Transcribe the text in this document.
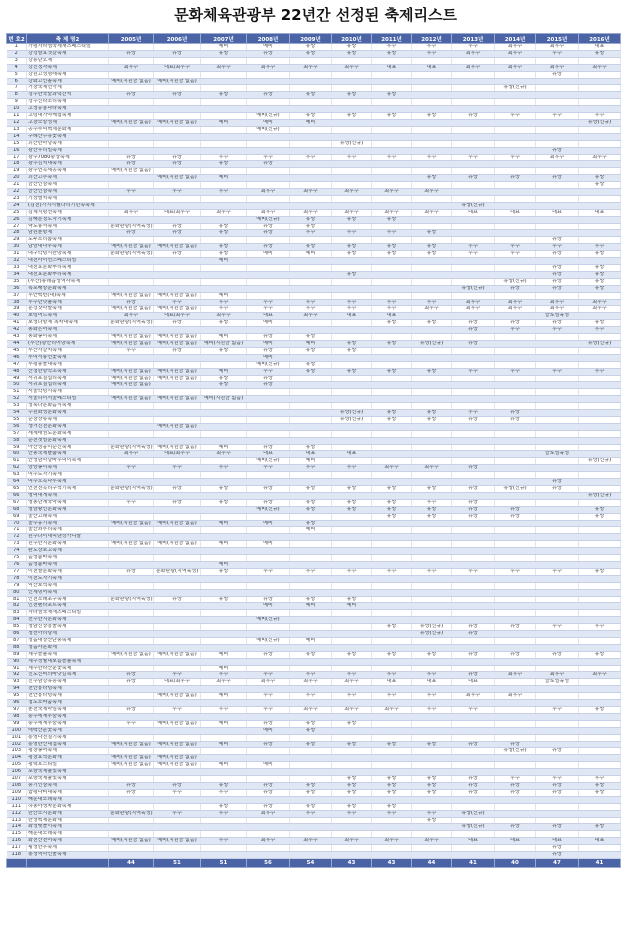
문화체육관광부 22년간 선정된 축제리스트
번 호2	축 제 명2	2005년	2006년	2007년	2008년	2009년	2010년	2011년	2012년	2013년	2014년	2015년	2016년
1	가평자라섬국제재즈페스티벌			예비	예비	유망	유망	우수	우수	우수	최우수	최우수	대표
2	강경발효젓갈축제	유망	유망	유망	유망	유망	유망	유망	우수	최우수	최우수	우수	유망
3	강릉단오제												
4	강진청자축제	최우수	대표/최우수	최우수	최우수	최우수	최우수	대표	대표	최우수	최우수	최우수	최우수
5	강원고성명태축제											유망	
6	강화고인돌축제	예비(지원금 없음)	예비(지원금 없음)										
7	거창국제연극제										유망(신규)		
8	경주한국술과떡잔치	유망	유망	유망	유망	유망	유망	유망					
9	경주신라소리축제												
10	고성공룡나라축제												
11	고령대가야체험축제				예비(신규)	유망	유망	유망	유망	유망	우수	우수	우수
12	고창모양성제	예비(지원금 없음)	예비(지원금 없음)	예비	예비	예비							유망(신규)
13	공주부여백제문화제				예비(신규)								
14	구례산수유꽃축제												
15	괴산한마당축제						유망(신규)						
16	광산우리밀축제											유망	
17	광주7080충장축제	유망	유망	우수	우수	우수	우수	우수	우수	우수	우수	최우수	최우수
18	광주김치대축제	유망	유망	유망	유망								
19	광주언곡세공축제	예비(지원금 없음)											
20	괴산고추축제		예비(지원금 없음)	예비					유망	유망	유망	유망	유망
21	금산인삼축제												유망
22	금산인삼축제	우수	우수	우수	최우수	최우수	최우수	최우수	최우수				
23	기장멸치축제												
24	(김천)가지시월다리기민속축제									유망(신규)			
25	김제지평선축제	최우수	대표/최우수	최우수	최우수	최우수	최우수	최우수	최우수	대표	대표	대표	대표
26	김해분청도자기축제				예비(신규)	유망	유망	유망					
27	낙도동서축제	문화관광(지역육성)	유망	유망	유망	유망							
28	남원춘향제	유망	유망	유망	유망	우수	우수	우수	유망				
29	도두소리뽐축제											유망	
30	담양대나무축제	예비(지원금 없음)	예비(지원금 없음)	유망	유망	유망	유망	유망	유망	우수	우수	우수	우수
31	대구약령시한방축제	문화관광(지역육성)	유망	유망	예비	예비	유망	유망	유망	우수	우수	유망	유망
32	대전사이언스페스티벌			예비									
33	대전효문화뿌리축제											유망	유망
34	대전효문화뿌리축제						유망					유망	유망
35	(부산)동래읍성역사축제										유망(신규)	유망	유망
36	목포해양문화축제									유망(신규)	유망	유망	유망
37	무안백련(대)축제	예비(지원금 없음)	예비(지원금 없음)	예비									
38	무주반딧불축제	유망	우수	우수	우수	우수	우수	우수	우수	최우수	최우수	최우수	최우수
39	문경찻사발축제	예비(지원금 없음)	예비(지원금 없음)	우수	우수	우수	우수	우수	최우수	최우수	최우수	최우수	최우수
40	보령머드축제	최우수	대표/최우수	최우수	대표	최우수	대표	대표				글로벌육성	
41	보성다향제 녹차대축제	문화관광(지역육성)	유망	유망	예비			유망	유망	유망	유망	유망	유망
42	봉화은어축제									유망	우수	우수	우수
43	봉화송이축제	예비(지원금 없음)	예비(지원금 없음)	예비	유망	유망							
44	(부산)광안리어방축제	예비(지원금 없음)	예비(지원금 없음)	예비(지원금 없음)	예비	예비	유망	유망	유망(신규)	유망			유망(신규)
45	부산자갈치축제	우수	유망	유망	유망	유망	유망						
46	부여서동연꽃축제				예비								
47	부평풍물대축제				예비(신규)	유망							
48	산청한방약초축제	예비(지원금 없음)	예비(지원금 없음)	예비	우수	유망	유망	유망	유망	우수	우수	우수	우수
49	서귀포칠십리축제	예비(지원금 없음)	예비(지원금 없음)	유망	유망								
50	서귀포칠십리축제	예비(지원금 없음)		유망	유망								
51	서울약령시축제												
52	서울하이서울페스티벌	예비(지원금 없음)	예비(지원금 없음)	예비(지원금 없음)									
53	성북다문화음식축제												
54	수원화성문화축제						유망(신규)	유망	유망	우수	유망		
55	순창장류축제						유망(신규)	유망	유망	유망	유망		
56	생거진천문화축제		예비(지원금 없음)										
57	세계태권도문화축제												
58	순천갯벌문화축제												
59	아산성웅이순신축제	문화관광(지역육성)	예비(지원금 없음)	예비	유망	유망							
60	안동국제탈춤축제	최우수	대표/최우수	최우수	대표	대표	대표					글로벌육성	
61	안성남사당바우덕이축제				예비(신규)	예비							유망(신규)
62	양양송이축제	우수	우수	우수	우수	우수	우수	최우수	최우수	유망			
63	여주도자기축제												
64	여주오곡나루축제											유망	
65	연천전곡리구석기축제	문화관광(지역육성)	유망	유망	유망	유망	유망	유망	유망	유망	유망(신규)	유망	
66	영덕대게축제												유망(신규)
67	영동난계국악축제	우수	유망	유망	유망	유망	유망	유망	우수	유망			
68	영암왕인문화축제				예비(신규)	유망	유망	유망	유망	유망	유망		유망
69	울산고래축제							유망	유망	유망	유망		유망
70	울주옹기축제	예비(지원금 없음)	예비(지원금 없음)	예비	예비	유망							
71	울산쇠부리축제					예비							
72	원주다이내믹댄싱카니발												
73	원주한지문화축제	예비(지원금 없음)	예비(지원금 없음)	예비	예비								
74	완도장보고축제												
75	음성품바축제												
76	음성품바축제			예비									
77	이천쌀문화축제	유망	문화관광(지역육성)	유망	우수	우수	우수	우수	우수	우수	우수	우수	유망
78	이천도자기축제												
79	익산보석축제												
80	인제빙어축제												
81	인천소래포구축제	문화관광(지역육성)	유망	유망	유망	유망	유망						
82	인천펜타포트축제				예비	예비	예비						
83	자라섬국제재즈페스티벌												
84	전주한지문화축제				예비(신규)								
85	정남진장흥물축제							유망	유망(신규)	유망	유망	우수	우수
86	정선아리랑제								유망(신규)	유망			
87	정읍내장산단풍축제				예비(신규)	예비							
88	정읍사문화제												
89	제주들불축제	예비(지원금 없음)	예비(지원금 없음)	예비	유망	유망	유망	유망	유망	유망	유망	유망	유망
90	제주정월대보름들불축제												
91	제주한라산눈꽃축제			예비									
92	진도신비의바닷길축제	유망	우수	우수	우수	우수	우수	우수	우수	유망	최우수	최우수	최우수
93	진주남강유등축제	유망	대표/최우수	최우수	최우수	최우수	최우수	대표	대표	대표		글로벌육성	
94	천안흥타령축제												
95	천안흥타령축제		예비(지원금 없음)	예비	우수	우수	우수	우수	우수	최우수	최우수		
96	청도소싸움축제												
97	춘천국제마임축제	유망	우수	우수	우수	최우수	최우수	최우수	우수	우수		우수	유망
98	충주세계무술축제												
99	충주세계무술축제	우수	예비(지원금 없음)	예비	유망	유망	유망						
100	태백산눈꽃축제				예비	유망							
101	통영나전칠기축제												
102	통영한산대첩축제	예비(지원금 없음)	예비(지원금 없음)	예비	유망	유망	유망	유망	유망	유망	유망		
103	평창송어축제										유망(신규)	유망	
104	평창효석문화제	예비(지원금 없음)	예비(지원금 없음)										
105	평택호스티벌	예비(지원금 없음)	예비(지원금 없음)	예비	예비								
106	포항국제불빛축제												
107	포항국제불빛축제						유망	유망	유망	유망	우수	우수	우수
108	풍기인삼축제	유망	유망	유망	유망	유망	유망	유망	유망	유망	유망	유망	유망
109	함평나비대축제	유망	우수	우수	유망	유망	유망	유망	유망	유망	유망	유망	유망
110	해운대모래축제												
111	하동야생차문화축제			유망	유망	유망	유망	유망					
112	한산모시문화제	문화관광(지역육성)	우수	우수	최우수	우수	우수	우수	우수	유망(신규)			
113	한성백제문화제								유망				
114	화성뱃놀이축제									유망(신규)	유망	유망	유망
115	해운대모래축제												
116	화천산천어축제	예비(지원금 없음)	예비(지원금 없음)	우수	최우수	최우수	최우수	최우수	최우수	대표	대표	대표	대표
117	횡성한우축제											유망	
118	홍성역사인물축제											유망	
		44	51	51	56	54	43	43	44	41	40	47	41
